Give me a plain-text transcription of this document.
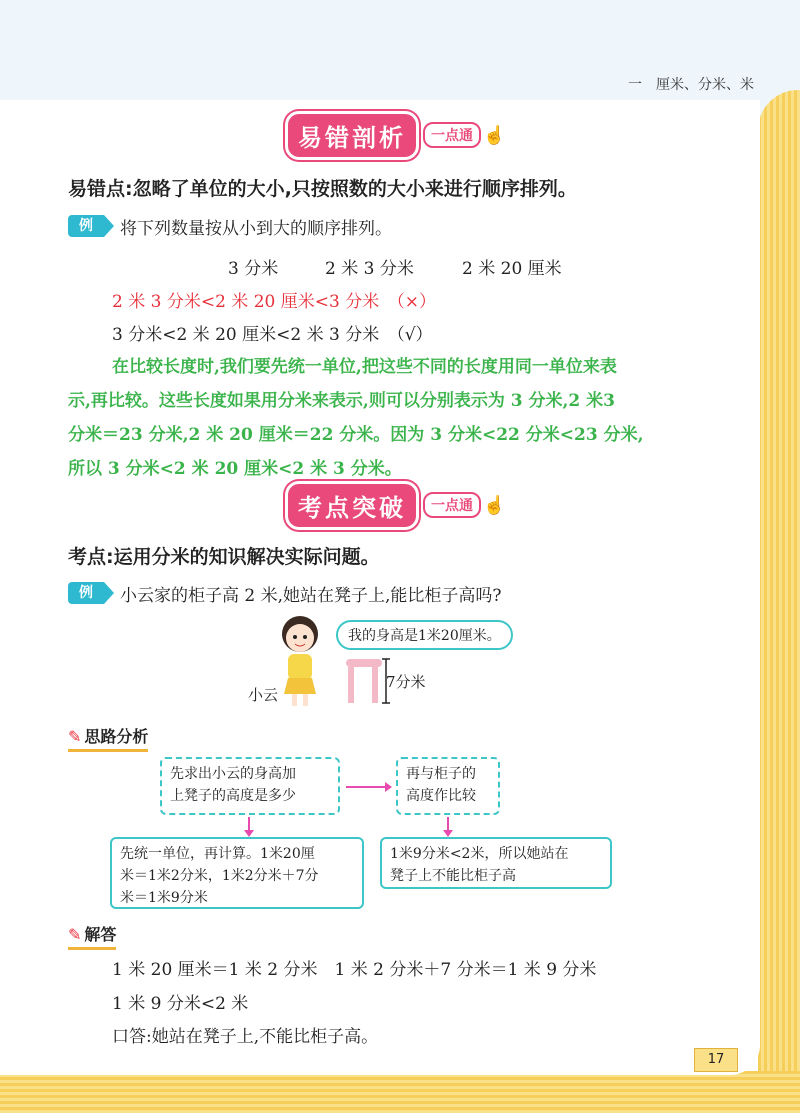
一　厘米、分米、米
易错剖析	一点通 ☝
易错点:忽略了单位的大小,只按照数的大小来进行顺序排列。
例	将下列数量按从小到大的顺序排列。
3 分米	2 米 3 分米	2 米 20 厘米
2 米 3 分米<2 米 20 厘米<3 分米　（×）
3 分米<2 米 20 厘米<2 米 3 分米　（√）
在比较长度时,我们要先统一单位,把这些不同的长度用同一单位来表
示,再比较。这些长度如果用分米来表示,则可以分别表示为 3 分米,2 米3
分米＝23 分米,2 米 20 厘米＝22 分米。因为 3 分米<22 分米<23 分米,
所以 3 分米<2 米 20 厘米<2 米 3 分米。
考点突破	一点通 ☝
考点:运用分米的知识解决实际问题。
例	小云家的柜子高 2 米,她站在凳子上,能比柜子高吗?
小云
我的身高是1米20厘米。
7分米
✎ 思路分析
先求出小云的身高加
上凳子的高度是多少
再与柜子的
高度作比较
先统一单位，再计算。1米20厘
米＝1米2分米，1米2分米＋7分
米＝1米9分米
1米9分米<2米，所以她站在
凳子上不能比柜子高
✎ 解答
1 米 20 厘米＝1 米 2 分米　1 米 2 分米＋7 分米＝1 米 9 分米
1 米 9 分米<2 米
口答:她站在凳子上,不能比柜子高。
17
